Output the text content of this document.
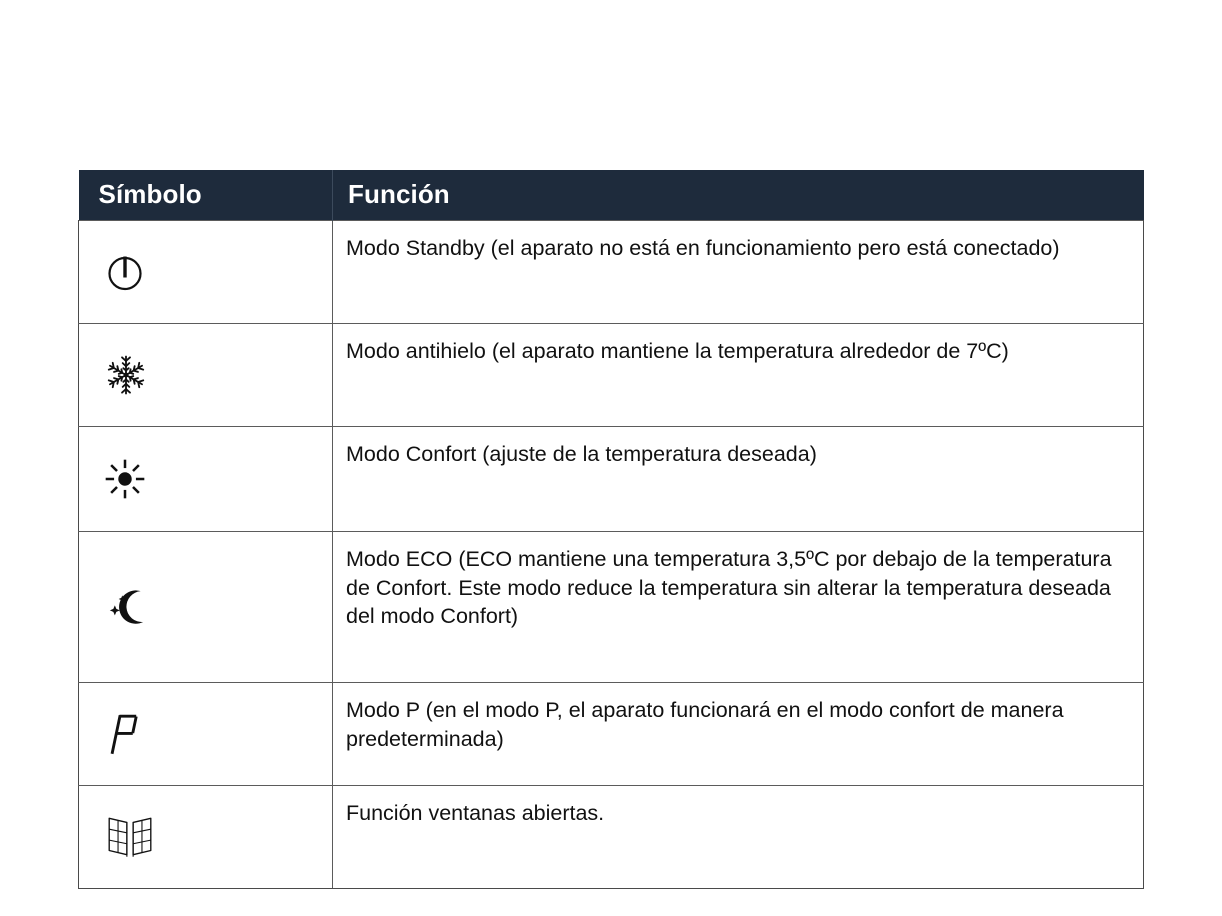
Símbolo	Función

	Modo Standby (el aparato no está en funcionamiento pero está conectado)

	Modo antihielo (el aparato mantiene la temperatura alrededor de 7ºC)

	Modo Confort (ajuste de la temperatura deseada)

	Modo ECO (ECO mantiene una temperatura 3,5ºC por debajo de la temperatura de Confort. Este modo reduce la temperatura sin alterar la temperatura deseada del modo Confort)

	Modo P (en el modo P, el aparato funcionará en el modo confort de manera predeterminada)

	Función ventanas abiertas.
